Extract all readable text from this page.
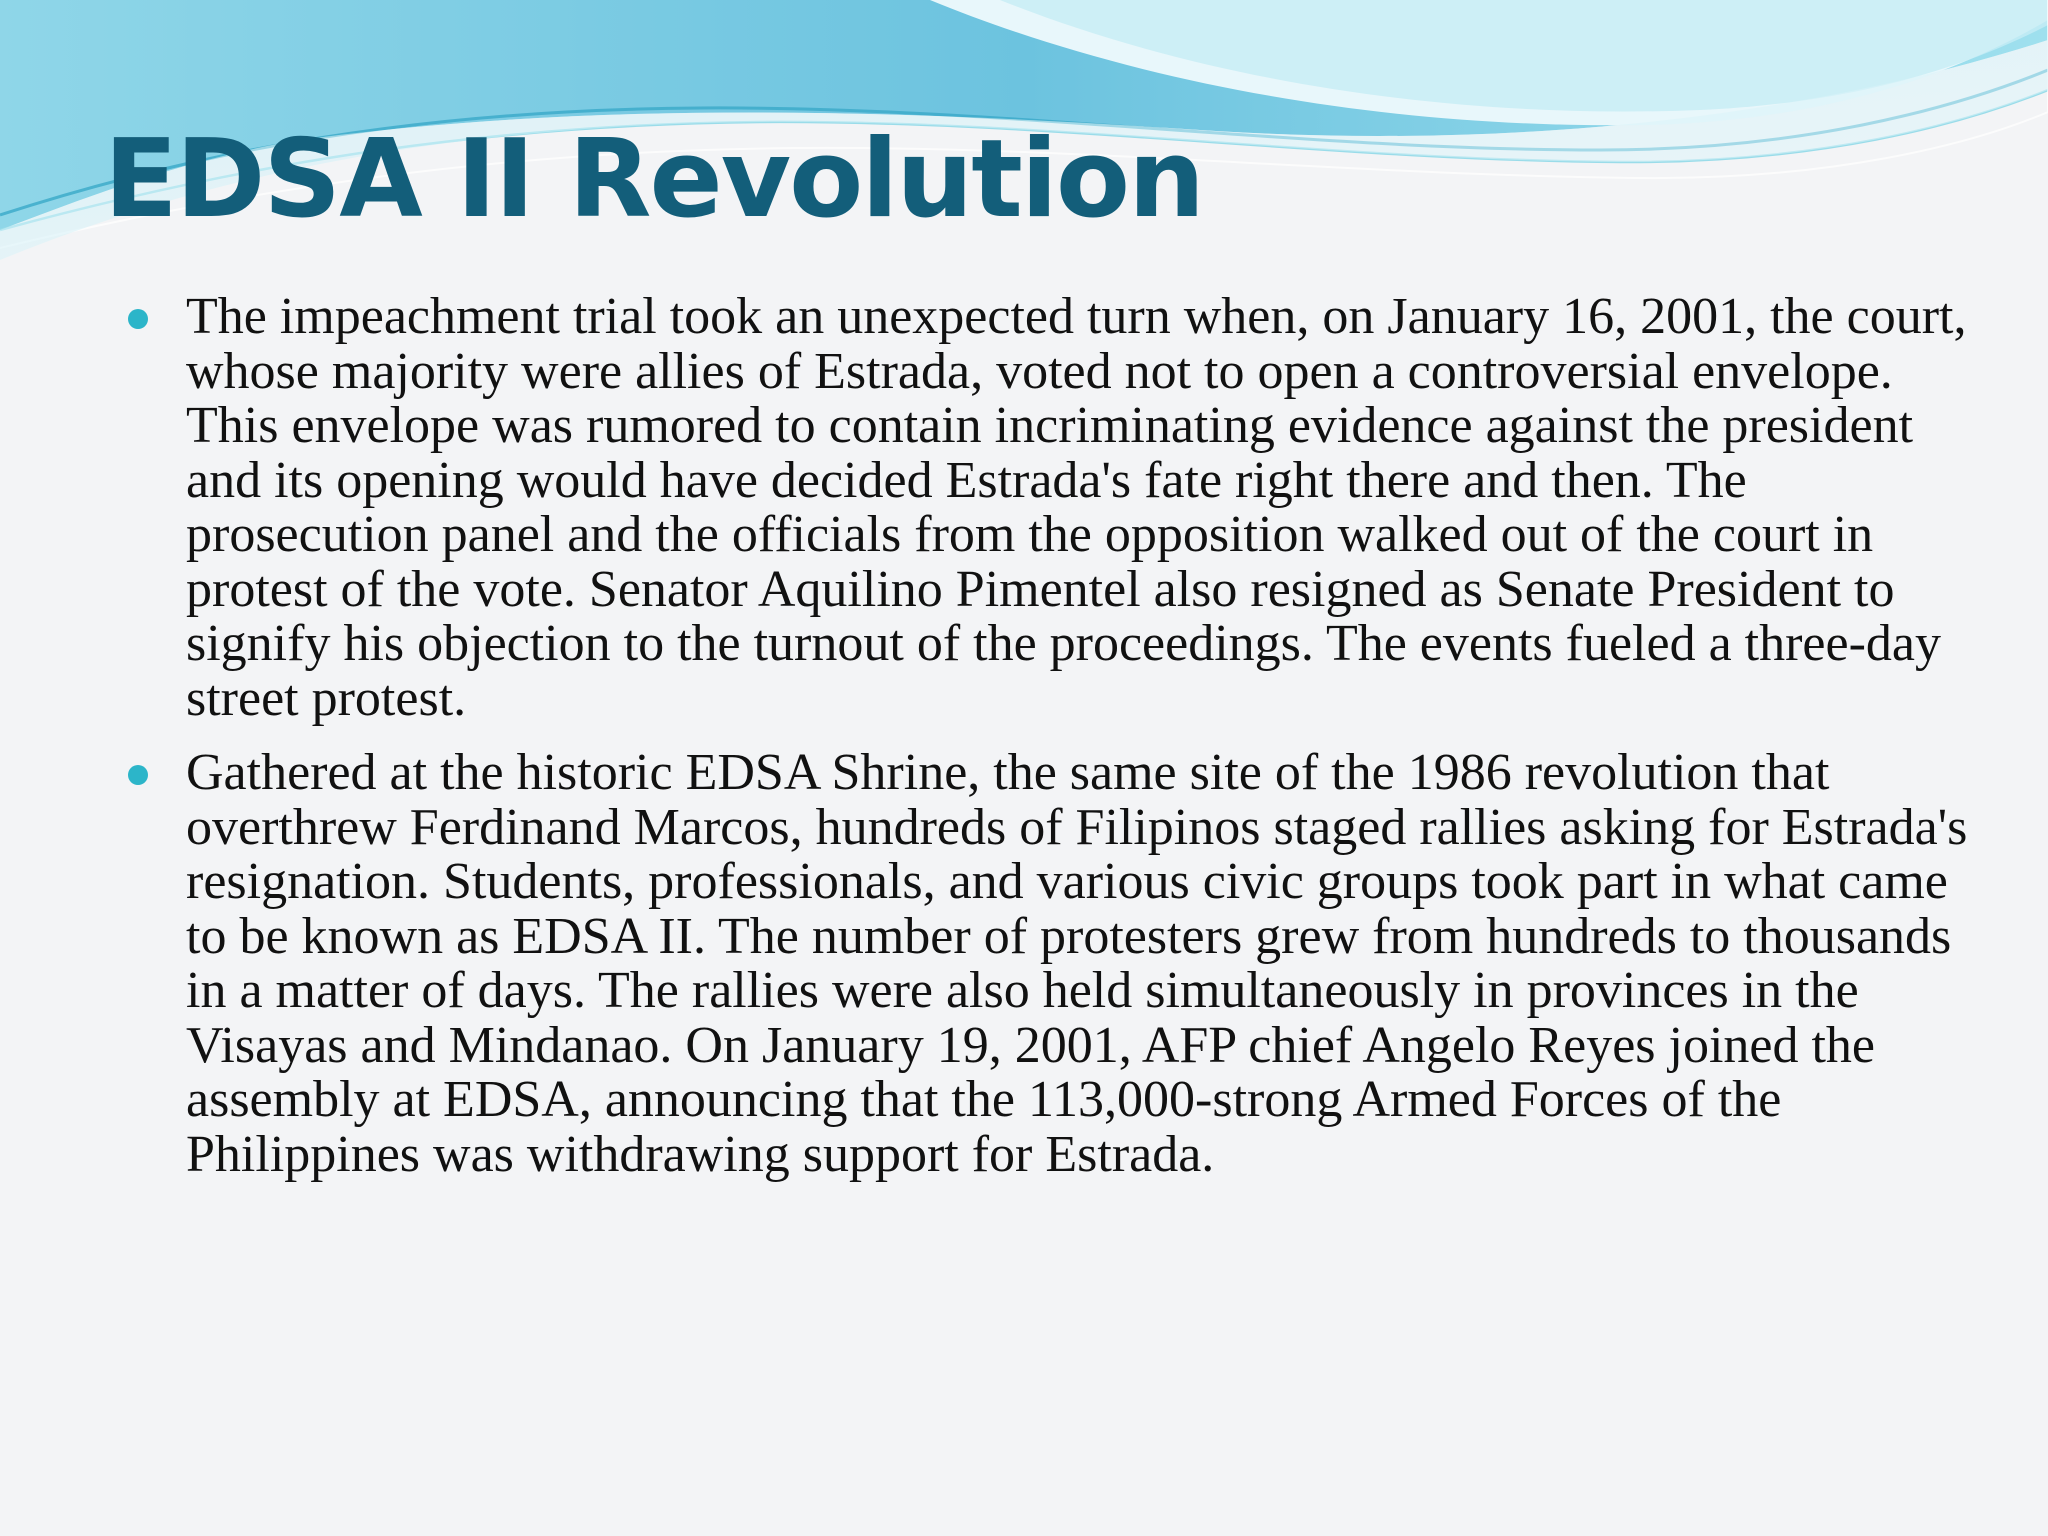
EDSA II Revolution
The impeachment trial took an unexpected turn when, on January 16, 2001, the court, whose majority were allies of Estrada, voted not to open a controversial envelope. This envelope was rumored to contain incriminating evidence against the president and its opening would have decided Estrada's fate right there and then. The prosecution panel and the officials from the opposition walked out of the court in protest of the vote. Senator Aquilino Pimentel also resigned as Senate President to signify his objection to the turnout of the proceedings. The events fueled a three-day street protest.
Gathered at the historic EDSA Shrine, the same site of the 1986 revolution that overthrew Ferdinand Marcos, hundreds of Filipinos staged rallies asking for Estrada's resignation. Students, professionals, and various civic groups took part in what came to be known as EDSA II. The number of protesters grew from hundreds to thousands in a matter of days. The rallies were also held simultaneously in provinces in the Visayas and Mindanao. On January 19, 2001, AFP chief Angelo Reyes joined the assembly at EDSA, announcing that the 113,000-strong Armed Forces of the Philippines was withdrawing support for Estrada.
